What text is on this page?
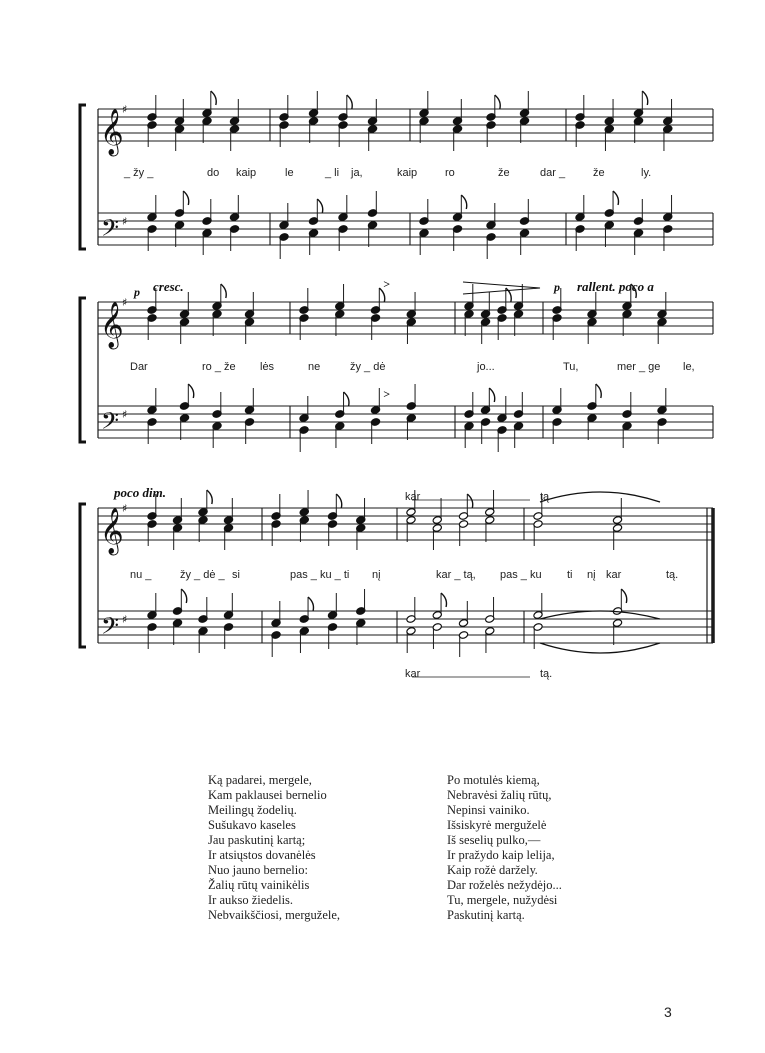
𝄞
𝄢
♯
♯
_ žy _	do kaip	le	_ li ja,	kaip	ro	že	dar _	že	ly.
𝄞
𝄢
♯
♯
>
>
Dar	ro _ že lės	ne	žy _ dė	jo...	Tu,	mer _ ge le,
p cresc.	p rallent. poco a
𝄞
𝄢
♯
♯
nu _	žy _ dė _ si	pas _ ku _ ti nį	kar _ tą, pas _ ku ti nį kar	tą.
kar	tą.
poco dim.	kar	tą
Ką padarei, mergele,
Kam paklausei bernelio
Meilingų žodelių.
Sušukavo kaseles
Jau paskutinį kartą;
Ir atsiųstos dovanėlės
Nuo jauno bernelio:
Žalių rūtų vainikėlis
Ir aukso žiedelis.
Nebvaikščiosi, merguželе,
Po motulės kiemą,
Nebravėsi žalių rūtų,
Nepinsi vainiko.
Išsiskyrė merguželė
Iš seselių pulko,—
Ir pražydo kaip lelija,
Kaip rožė darželу.
Dar roželės nežydėjo...
Tu, mergele, nužydėsi
Paskutinį kartą.
3
